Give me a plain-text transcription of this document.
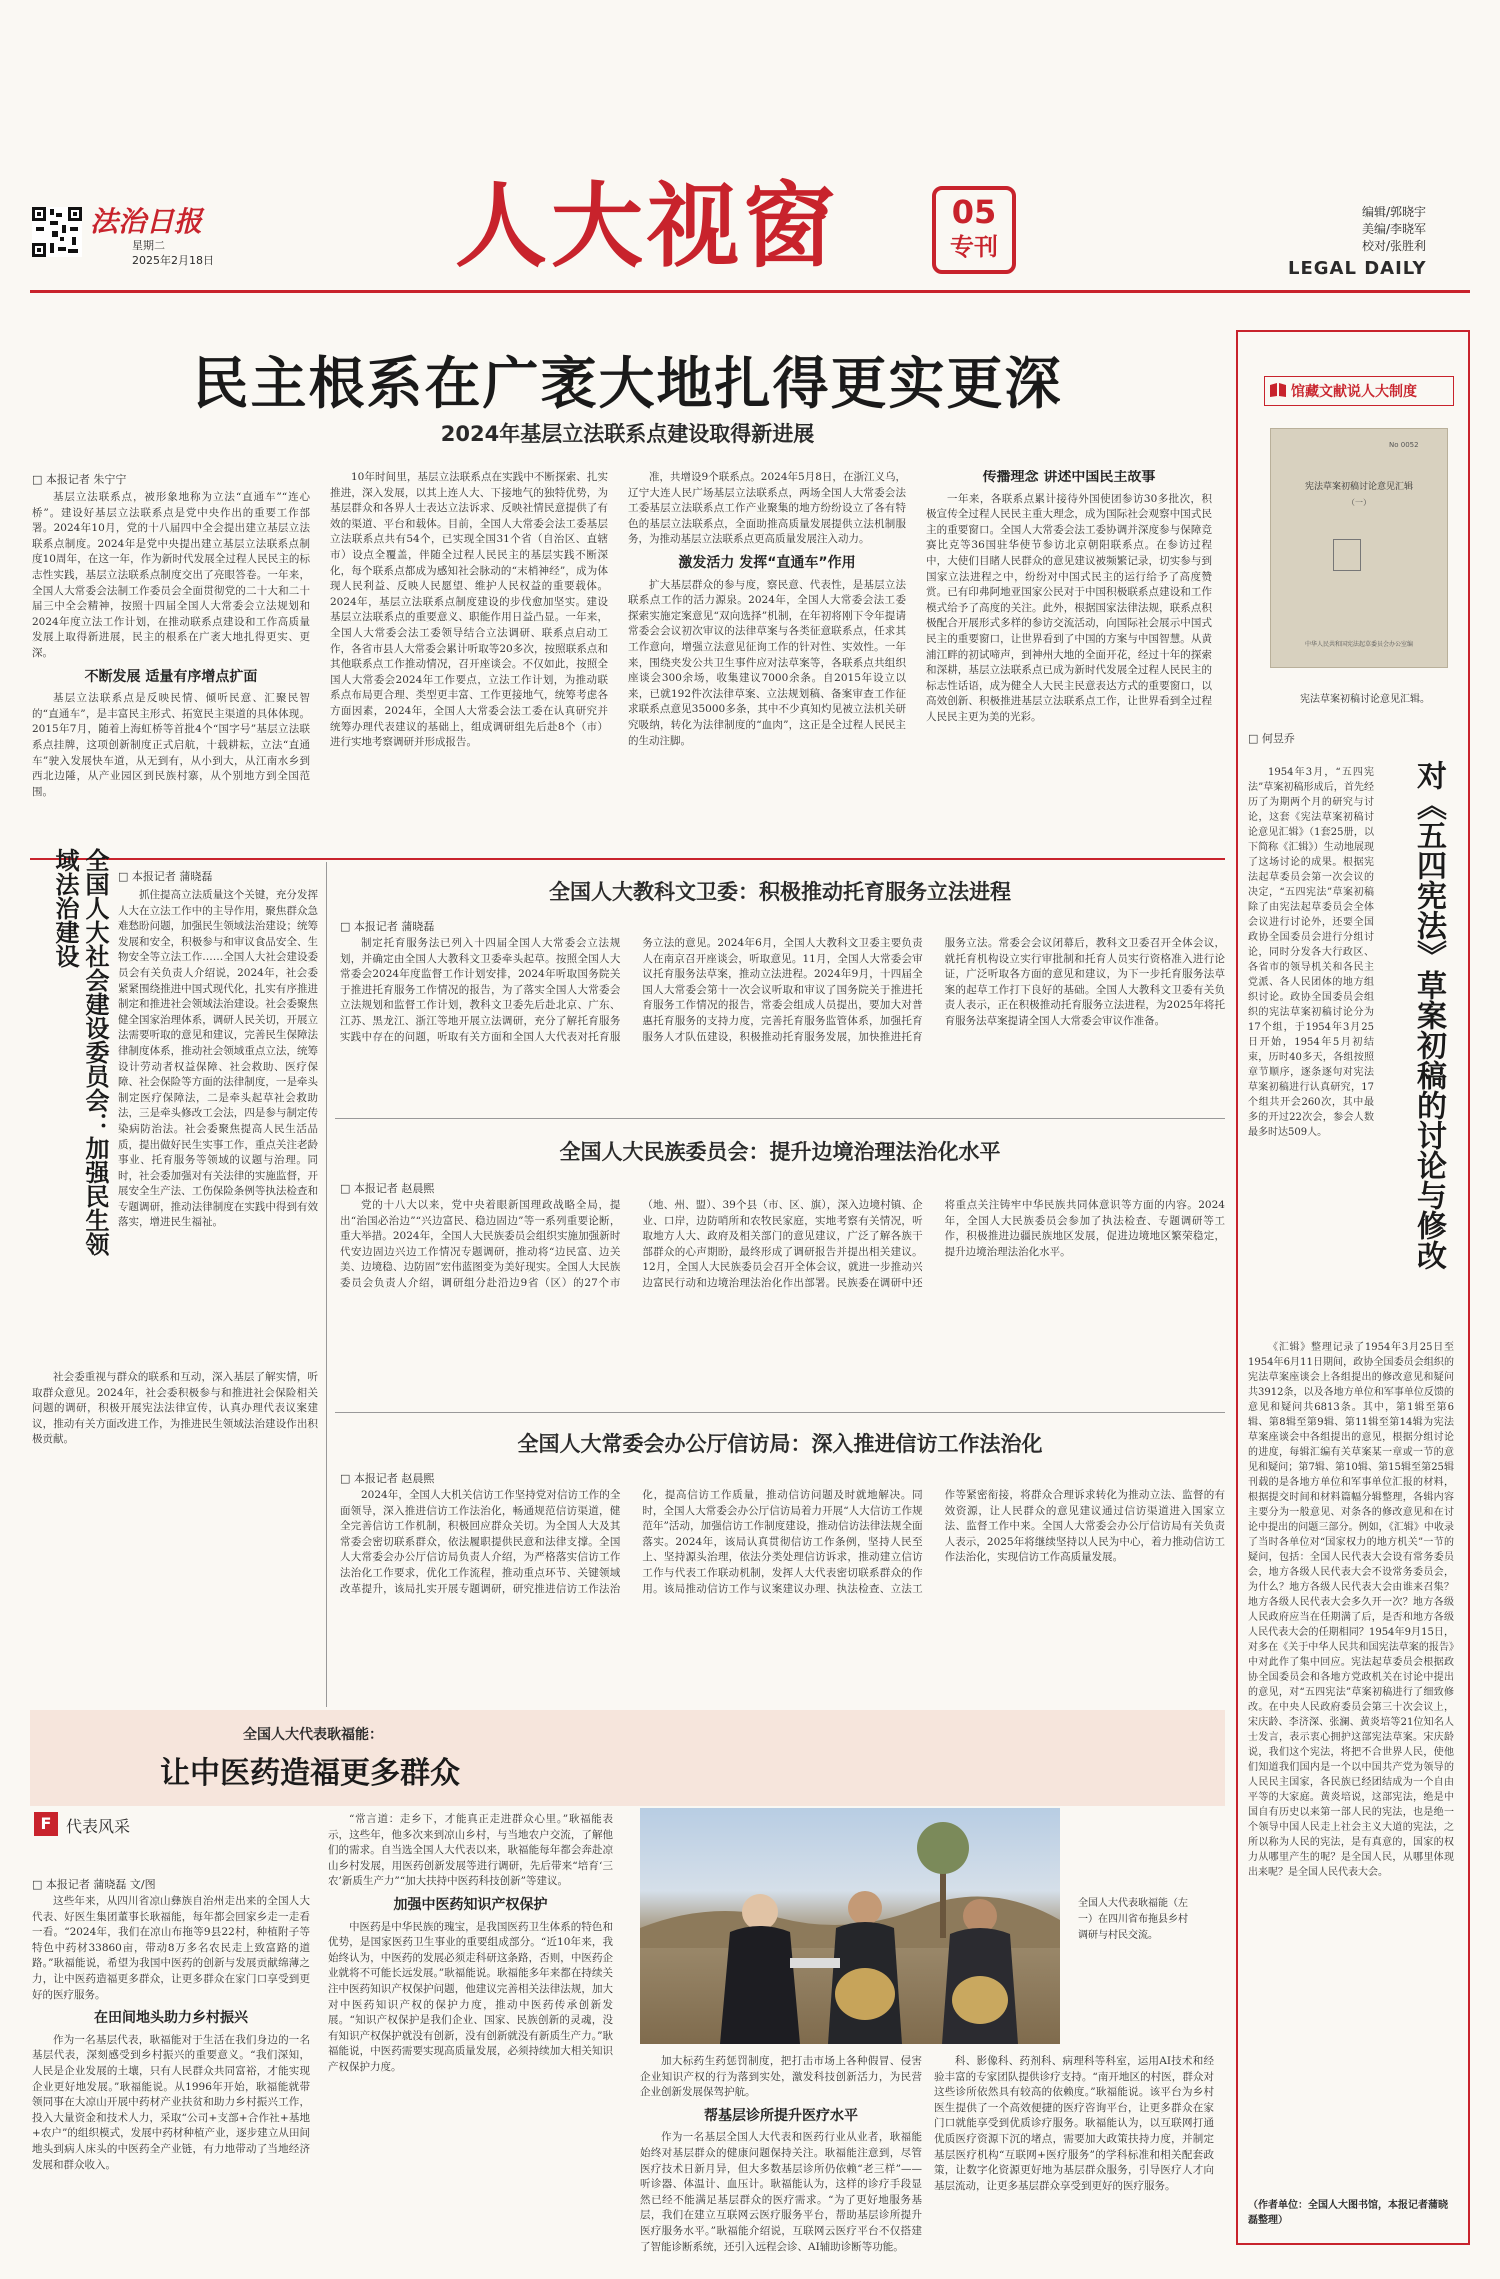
法治日报
星期二
2025年2月18日	人大视窗	05
专刊
编辑/郭晓宇
美编/李晓军
校对/张胜利
LEGAL DAILY
民主根系在广袤大地扎得更实更深
2024年基层立法联系点建设取得新进展
□ 本报记者 朱宁宁

基层立法联系点，被形象地称为立法“直通车”“连心桥”。建设好基层立法联系点是党中央作出的重要工作部署。2024年10月，党的十八届四中全会提出建立基层立法联系点制度。2024年是党中央提出建立基层立法联系点制度10周年，在这一年，作为新时代发展全过程人民民主的标志性实践，基层立法联系点制度交出了亮眼答卷。一年来，全国人大常委会法制工作委员会全面贯彻党的二十大和二十届三中全会精神，按照十四届全国人大常委会立法规划和2024年度立法工作计划，在推动联系点建设和工作高质量发展上取得新进展，民主的根系在广袤大地扎得更实、更深。

不断发展 适量有序增点扩面

基层立法联系点是反映民情、倾听民意、汇聚民智的“直通车”，是丰富民主形式、拓宽民主渠道的具体体现。2015年7月，随着上海虹桥等首批4个“国字号”基层立法联系点挂牌，这项创新制度正式启航，十载耕耘，立法“直通车”驶入发展快车道，从无到有，从小到大，从江南水乡到西北边陲，从产业园区到民族村寨，从个别地方到全国范围。

10年时间里，基层立法联系点在实践中不断探索、扎实推进，深入发展，以其上连人大、下接地气的独特优势，为基层群众和各界人士表达立法诉求、反映社情民意提供了有效的渠道、平台和载体。目前，全国人大常委会法工委基层立法联系点共有54个，已实现全国31个省（自治区、直辖市）设点全覆盖，伴随全过程人民民主的基层实践不断深化，每个联系点都成为感知社会脉动的“末梢神经”，成为体现人民利益、反映人民愿望、维护人民权益的重要载体。2024年，基层立法联系点制度建设的步伐愈加坚实。建设基层立法联系点的重要意义、职能作用日益凸显。一年来，全国人大常委会法工委领导结合立法调研、联系点启动工作，各省市县人大常委会累计听取等20多次，按照联系点和其他联系点工作推动情况，召开座谈会。不仅如此，按照全国人大常委会2024年工作要点，立法工作计划，为推动联系点布局更合理、类型更丰富、工作更接地气，统筹考虑各方面因素，2024年，全国人大常委会法工委在认真研究并统筹办理代表建议的基础上，组成调研组先后赴8个（市）进行实地考察调研并形成报告。

准，共增设9个联系点。2024年5月8日，在浙江义乌，辽宁大连人民广场基层立法联系点，两场全国人大常委会法工委基层立法联系点工作产业聚集的地方纷纷设立了各有特色的基层立法联系点，全面助推高质量发展提供立法机制服务，为推动基层立法联系点更高质量发展注入动力。

激发活力 发挥“直通车”作用

扩大基层群众的参与度，察民意、代表性，是基层立法联系点工作的活力源泉。2024年，全国人大常委会法工委探索实施定案意见“双向选择”机制，在年初将刚下令年提请常委会会议初次审议的法律草案与各类征意联系点，任求其工作意向，增强立法意见征询工作的针对性、实效性。一年来，围绕夹发公共卫生事件应对法草案等，各联系点共组织座谈会300余场，收集建议7000余条。自2015年设立以来，已就192件次法律草案、立法规划稿、备案审查工作征求联系点意见35000多条，其中不少真知灼见被立法机关研究吸纳，转化为法律制度的“血肉”，这正是全过程人民民主的生动注脚。

传播理念 讲述中国民主故事

一年来，各联系点累计接待外国使团参访30多批次，积极宣传全过程人民民主重大理念，成为国际社会观察中国式民主的重要窗口。全国人大常委会法工委协调并深度参与保障竞赛比克等36国驻华使节参访北京朝阳联系点。在参访过程中，大使们目睹人民群众的意见建议被频繁记录，切实参与到国家立法进程之中，纷纷对中国式民主的运行给予了高度赞赏。已有印弗阿地亚国家公民对于中国积极联系点建设和工作模式给予了高度的关注。此外，根据国家法律法规，联系点积极配合开展形式多样的参访交流活动，向国际社会展示中国式民主的重要窗口，让世界看到了中国的方案与中国智慧。从黄浦江畔的初试啼声，到神州大地的全面开花，经过十年的探索和深耕，基层立法联系点已成为新时代发展全过程人民民主的标志性话语，成为健全人大民主民意表达方式的重要窗口，以高效创新、积极推进基层立法联系点工作，让世界看到全过程人民民主更为美的光彩。

馆藏文献说人大制度
No 0052
宪法草案初稿讨论意见汇辑
（一）
中华人民共和国宪法起草委员会办公室编
宪法草案初稿讨论意见汇辑。
□ 何昱乔

1954年3月，“五四宪法”草案初稿形成后，首先经历了为期两个月的研究与讨论，这套《宪法草案初稿讨论意见汇辑》（1套25册，以下简称《汇辑》）生动地展现了这场讨论的成果。根据宪法起草委员会第一次会议的决定，“五四宪法”草案初稿除了由宪法起草委员会全体会议进行讨论外，还要全国政协全国委员会进行分组讨论，同时分发各大行政区、各省市的领导机关和各民主党派、各人民团体的地方组织讨论。政协全国委员会组织的宪法草案初稿讨论分为17个组，于1954年3月25日开始，1954年5月初结束，历时40多天，各组按照章节顺序，逐条逐句对宪法草案初稿进行认真研究，17个组共开会260次，其中最多的开过22次会，参会人数最多时达509人。	对《五四宪法》草案初稿的讨论与修改

《汇辑》整理记录了1954年3月25日至1954年6月11日期间，政协全国委员会组织的宪法草案座谈会上各组提出的修改意见和疑问共3912条，以及各地方单位和军事单位反馈的意见和疑问共6813条。其中，第1辑至第6辑、第8辑至第9辑、第11辑至第14辑为宪法草案座谈会中各组提出的意见，根据分组讨论的进度，每辑汇编有关草案某一章或一节的意见和疑问；第7辑、第10辑、第15辑至第25辑刊载的是各地方单位和军事单位汇报的材料，根据提交时间和材料篇幅分辑整理，各辑内容主要分为一般意见、对条各的修改意见和在讨论中提出的问题三部分。例如，《汇辑》中收录了当时各单位对“国家权力的地方机关”一节的疑问，包括：全国人民代表大会设有常务委员会，地方各级人民代表大会不设常务委员会，为什么？地方各级人民代表大会由谁来召集？地方各级人民代表大会多久开一次？地方各级人民政府应当在任期满了后，是否和地方各级人民代表大会的任期相同？1954年9月15日，对多在《关于中华人民共和国宪法草案的报告》中对此作了集中回应。宪法起草委员会根据政协全国委员会和各地方党政机关在讨论中提出的意见，对“五四宪法”草案初稿进行了细致修改。在中央人民政府委员会第三十次会议上，宋庆龄、李济深、张澜、黄炎培等21位知名人士发言，表示衷心拥护这部宪法草案。宋庆龄说，我们这个宪法，将把不合世界人民，使他们知道我们国内是一个以中国共产党为领导的人民民主国家，各民族已经团结成为一个自由平等的大家庭。黄炎培说，这部宪法，绝是中国自有历史以来第一部人民的宪法，也是绝一个领导中国人民走上社会主义大道的宪法，之所以称为人民的宪法，是有真意的，国家的权力从哪里产生的呢？是全国人民，从哪里体现出来呢？是全国人民代表大会。

（作者单位：全国人大图书馆，本报记者蒲晓磊整理）
全国人大社会建设委员会：加强民生领域法治建设	□ 本报记者 蒲晓磊

抓住提高立法质量这个关键，充分发挥人大在立法工作中的主导作用，聚焦群众急难愁盼问题，加强民生领域法治建设；统筹发展和安全，积极参与和审议食品安全、生物安全等立法工作……全国人大社会建设委员会有关负责人介绍说，2024年，社会委紧紧围绕推进中国式现代化，扎实有序推进制定和推进社会领域法治建设。社会委聚焦健全国家治理体系，调研人民关切，开展立法需要听取的意见和建议，完善民生保障法律制度体系，推动社会领域重点立法，统筹设计劳动者权益保障、社会救助、医疗保障、社会保险等方面的法律制度，一是牵头制定医疗保障法，二是牵头起草社会救助法，三是牵头修改工会法，四是参与制定传染病防治法。社会委聚焦提高人民生活品质，提出做好民生实事工作，重点关注老龄事业、托育服务等领域的议题与治理。同时，社会委加强对有关法律的实施监督，开展安全生产法、工伤保险条例等执法检查和专题调研，推动法律制度在实践中得到有效落实，增进民生福祉。

社会委重视与群众的联系和互动，深入基层了解实情，听取群众意见。2024年，社会委积极参与和推进社会保险相关问题的调研，积极开展宪法法律宣传，认真办理代表议案建议，推动有关方面改进工作，为推进民生领域法治建设作出积极贡献。

全国人大教科文卫委：积极推动托育服务立法进程
□ 本报记者 蒲晓磊

制定托育服务法已列入十四届全国人大常委会立法规划，并确定由全国人大教科文卫委牵头起草。按照全国人大常委会2024年度监督工作计划安排，2024年听取国务院关于推进托育服务工作情况的报告，为了落实全国人大常委会立法规划和监督工作计划，教科文卫委先后赴北京、广东、江苏、黑龙江、浙江等地开展立法调研，充分了解托育服务实践中存在的问题，听取有关方面和全国人大代表对托育服务立法的意见。2024年6月，全国人大教科文卫委主要负责人在南京召开座谈会，听取意见。11月，全国人大常委会审议托育服务法草案，推动立法进程。2024年9月，十四届全国人大常委会第十一次会议听取和审议了国务院关于推进托育服务工作情况的报告，常委会组成人员提出，要加大对普惠托育服务的支持力度，完善托育服务监管体系，加强托育服务人才队伍建设，积极推动托育服务发展，加快推进托育服务立法。常委会会议闭幕后，教科文卫委召开全体会议，就托育机构设立实行审批制和托育人员实行资格准入进行论证，广泛听取各方面的意见和建议，为下一步托育服务法草案的起草工作打下良好的基础。全国人大教科文卫委有关负责人表示，正在积极推动托育服务立法进程，为2025年将托育服务法草案提请全国人大常委会审议作准备。

全国人大民族委员会：提升边境治理法治化水平
□ 本报记者 赵晨熙

党的十八大以来，党中央着眼新国理政战略全局，提出“治国必治边”“兴边富民、稳边固边”等一系列重要论断，重大举措。2024年，全国人大民族委员会组织实施加强新时代安边固边兴边工作情况专题调研，推动将“边民富、边关美、边境稳、边防固”宏伟蓝图变为美好现实。全国人大民族委员会负责人介绍，调研组分赴沿边9省（区）的27个市（地、州、盟）、39个县（市、区、旗），深入边境村镇、企业、口岸，边防哨所和农牧民家庭，实地考察有关情况，听取地方人大、政府及相关部门的意见建议，广泛了解各族干部群众的心声期盼，最终形成了调研报告并提出相关建议。12月，全国人大民族委员会召开全体会议，就进一步推动兴边富民行动和边境治理法治化作出部署。民族委在调研中还将重点关注铸牢中华民族共同体意识等方面的内容。2024年，全国人大民族委员会参加了执法检查、专题调研等工作，积极推进边疆民族地区发展，促进边境地区繁荣稳定，提升边境治理法治化水平。

全国人大常委会办公厅信访局：深入推进信访工作法治化
□ 本报记者 赵晨熙

2024年，全国人大机关信访工作坚持党对信访工作的全面领导，深入推进信访工作法治化，畅通规范信访渠道，健全完善信访工作机制，积极回应群众关切。为全国人大及其常委会密切联系群众，依法履职提供民意和法律支撑。全国人大常委会办公厅信访局负责人介绍，为严格落实信访工作法治化工作要求，优化工作流程，推动重点环节、关键领域改革提升，该局扎实开展专题调研，研究推进信访工作法治化，提高信访工作质量，推动信访问题及时就地解决。同时，全国人大常委会办公厅信访局着力开展“人大信访工作规范年”活动，加强信访工作制度建设，推动信访法律法规全面落实。2024年，该局认真贯彻信访工作条例，坚持人民至上、坚持源头治理，依法分类处理信访诉求，推动建立信访工作与代表工作联动机制，发挥人大代表密切联系群众的作用。该局推动信访工作与议案建议办理、执法检查、立法工作等紧密衔接，将群众合理诉求转化为推动立法、监督的有效资源，让人民群众的意见建议通过信访渠道进入国家立法、监督工作中来。全国人大常委会办公厅信访局有关负责人表示，2025年将继续坚持以人民为中心，着力推动信访工作法治化，实现信访工作高质量发展。

全国人大代表耿福能：
让中医药造福更多群众
F 代表风采
□ 本报记者 蒲晓磊 文/图

这些年来，从四川省凉山彝族自治州走出来的全国人大代表、好医生集团董事长耿福能，每年都会回家乡走一走看一看。“2024年，我们在凉山布拖等9县22村，种植附子等特色中药材33860亩，带动8万多名农民走上致富路的道路。”耿福能说，希望为我国中医药的创新与发展贡献绵薄之力，让中医药造福更多群众，让更多群众在家门口享受到更好的医疗服务。

在田间地头助力乡村振兴

作为一名基层代表，耿福能对于生活在我们身边的一名基层代表，深刻感受到乡村振兴的重要意义。“我们深知，人民是企业发展的土壤，只有人民群众共同富裕，才能实现企业更好地发展。”耿福能说。从1996年开始，耿福能就带领同事在大凉山开展中药材产业扶贫和助力乡村振兴工作，投入大量资金和技术人力，采取“公司+支部+合作社+基地+农户”的组织模式，发展中药材种植产业，逐步建立从田间地头到病人床头的中医药全产业链，有力地带动了当地经济发展和群众收入。

“常言道：走乡下，才能真正走进群众心里。”耿福能表示，这些年，他多次来到凉山乡村，与当地农户交流，了解他们的需求。自当选全国人大代表以来，耿福能每年都会奔赴凉山乡村发展，用医药创新发展等进行调研，先后带来“培育‘三农’新质生产力”“加大扶持中医药科技创新”等建议。

加强中医药知识产权保护

中医药是中华民族的瑰宝，是我国医药卫生体系的特色和优势，是国家医药卫生事业的重要组成部分。“近10年来，我始终认为，中医药的发展必须走科研这条路，否则，中医药企业就将不可能长远发展。”耿福能说。耿福能多年来都在持续关注中医药知识产权保护问题，他建议完善相关法律法规，加大对中医药知识产权的保护力度，推动中医药传承创新发展。“知识产权保护是我们企业、国家、民族创新的灵魂，没有知识产权保护就没有创新，没有创新就没有新质生产力。”耿福能说，中医药需要实现高质量发展，必须持续加大相关知识产权保护力度。

全国人大代表耿福能（左一）在四川省布拖县乡村调研与村民交流。

加大标药生药惩罚制度，把打击市场上各种假冒、侵害企业知识产权的行为落到实处，激发科技创新活力，为民营企业创新发展保驾护航。

帮基层诊所提升医疗水平

作为一名基层全国人大代表和医药行业从业者，耿福能始终对基层群众的健康问题保持关注。耿福能注意到，尽管医疗技术日新月异，但大多数基层诊所仍依赖“老三样”——听诊器、体温计、血压计。耿福能认为，这样的诊疗手段显然已经不能满足基层群众的医疗需求。“为了更好地服务基层，我们在建立互联网云医疗服务平台，帮助基层诊所提升医疗服务水平。”耿福能介绍说，互联网云医疗平台不仅搭建了智能诊断系统，还引入远程会诊、AI辅助诊断等功能。

科、影像科、药剂科、病理科等科室，运用AI技术和经验丰富的专家团队提供诊疗支持。“南开地区的村医，群众对这些诊所依然具有较高的依赖度。”耿福能说。该平台为乡村医生提供了一个高效便捷的医疗咨询平台，让更多群众在家门口就能享受到优质诊疗服务。耿福能认为，以互联网打通优质医疗资源下沉的堵点，需要加大政策扶持力度，并制定基层医疗机构“互联网+医疗服务”的学科标准和相关配套政策，让数字化资源更好地为基层群众服务，引导医疗人才向基层流动，让更多基层群众享受到更好的医疗服务。
